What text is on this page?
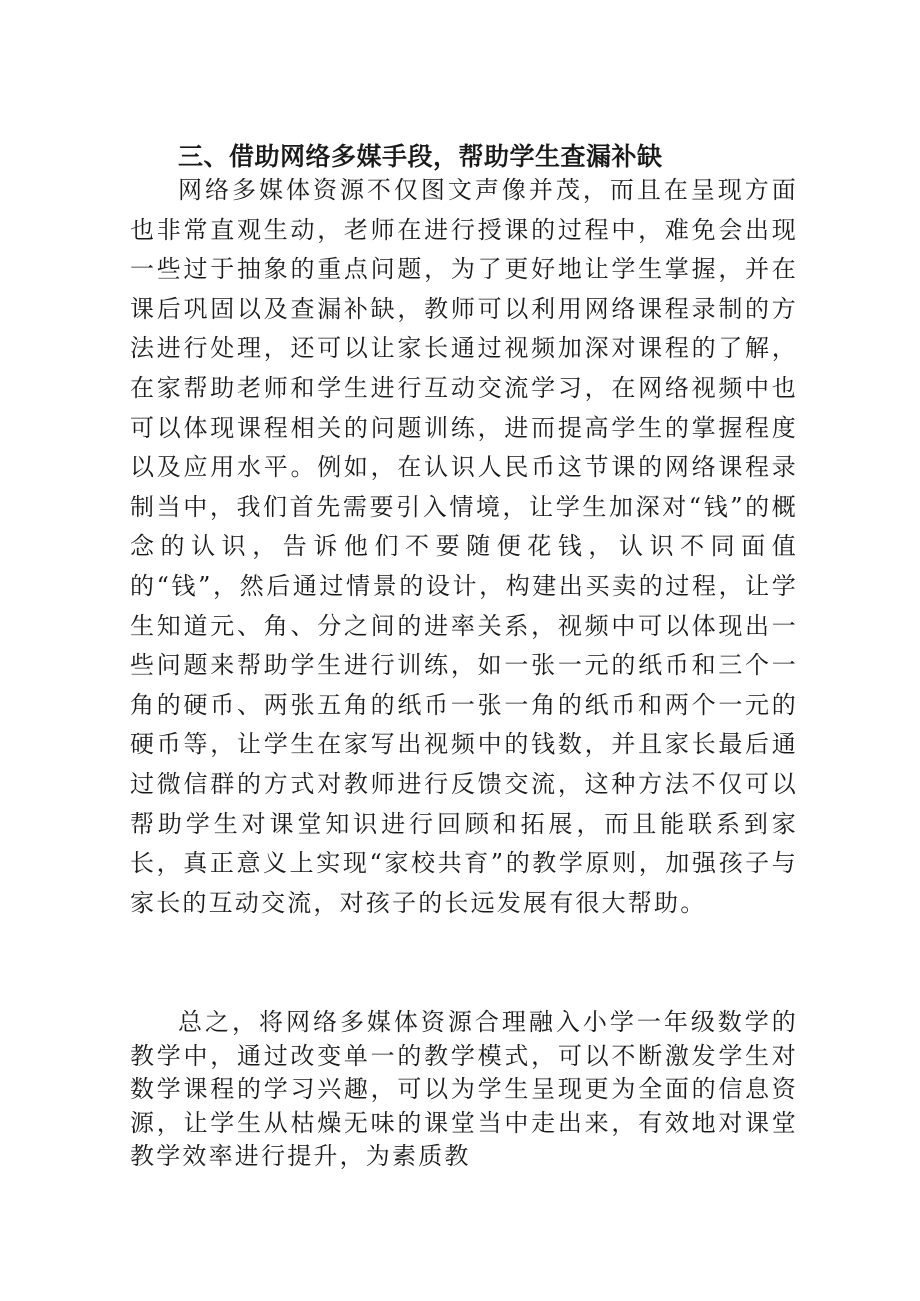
三、借助网络多媒手段，帮助学生查漏补缺

网络多媒体资源不仅图文声像并茂，而且在呈现方面也非常直观生动，老师在进行授课的过程中，难免会出现一些过于抽象的重点问题，为了更好地让学生掌握，并在课后巩固以及查漏补缺，教师可以利用网络课程录制的方法进行处理，还可以让家长通过视频加深对课程的了解，在家帮助老师和学生进行互动交流学习，在网络视频中也可以体现课程相关的问题训练，进而提高学生的掌握程度以及应用水平。例如，在认识人民币这节课的网络课程录制当中，我们首先需要引入情境，让学生加深对“钱”的概念的认识，告诉他们不要随便花钱，认识不同面值的“钱”，然后通过情景的设计，构建出买卖的过程，让学生知道元、角、分之间的进率关系，视频中可以体现出一些问题来帮助学生进行训练，如一张一元的纸币和三个一角的硬币、两张五角的纸币一张一角的纸币和两个一元的硬币等，让学生在家写出视频中的钱数，并且家长最后通过微信群的方式对教师进行反馈交流，这种方法不仅可以帮助学生对课堂知识进行回顾和拓展，而且能联系到家长，真正意义上实现“家校共育”的教学原则，加强孩子与家长的互动交流，对孩子的长远发展有很大帮助。

总之，将网络多媒体资源合理融入小学一年级数学的教学中，通过改变单一的教学模式，可以不断激发学生对数学课程的学习兴趣，可以为学生呈现更为全面的信息资源，让学生从枯燥无味的课堂当中走出来，有效地对课堂教学效率进行提升，为素质教
